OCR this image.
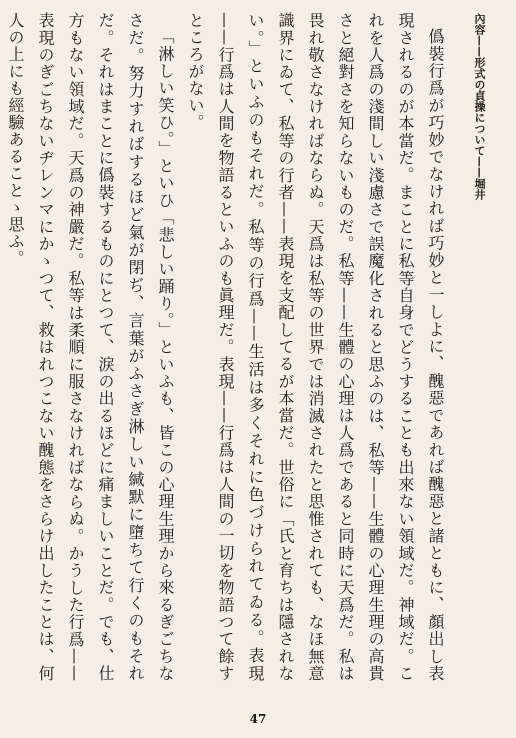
內容——形式の貞操について——堀井

僞裝行爲が巧妙でなければ巧妙と一しよに、醜惡であれば醜惡と諸ともに、顏出し表現されるのが本當だ。まことに私等自身でどうすることも出來ない領域だ。神域だ。これを人爲の淺間しい淺慮さで誤魔化されると思ふのは、私等——生體の心理生理の高貴さと絕對さを知らないものだ。私等——生體の心理は人爲であると同時に天爲だ。私は畏れ敬さなければならぬ。天爲は私等の世界では消滅されたと思惟されても、なほ無意識界にゐて、私等の行者——表現を支配してるが本當だ。世俗に「氏と育ちは隱されない。」といふのもそれだ。私等の行爲——生活は多くそれに色づけられてゐる。表現——行爲は人間を物語るといふのも眞理だ。表現——行爲は人間の一切を物語つて餘すところがない。

「淋しい笑ひ。」といひ「悲しい踊り。」といふも、皆この心理生理から來るぎごちなさだ。努力すればするほど氣が閉ぢ、言葉がふさぎ淋しい緘默に墮ちて行くのもそれだ。それはまことに僞裝するものにとつて、淚の出るほどに痛ましいことだ。でも、仕方もない領域だ。天爲の神嚴だ。私等は柔順に服さなければならぬ。かうした行爲——表現のぎごちないヂレンマにかゝつて、救はれつこない醜態をさらけ出したことは、何人の上にも經驗あることゝ思ふ。

47
